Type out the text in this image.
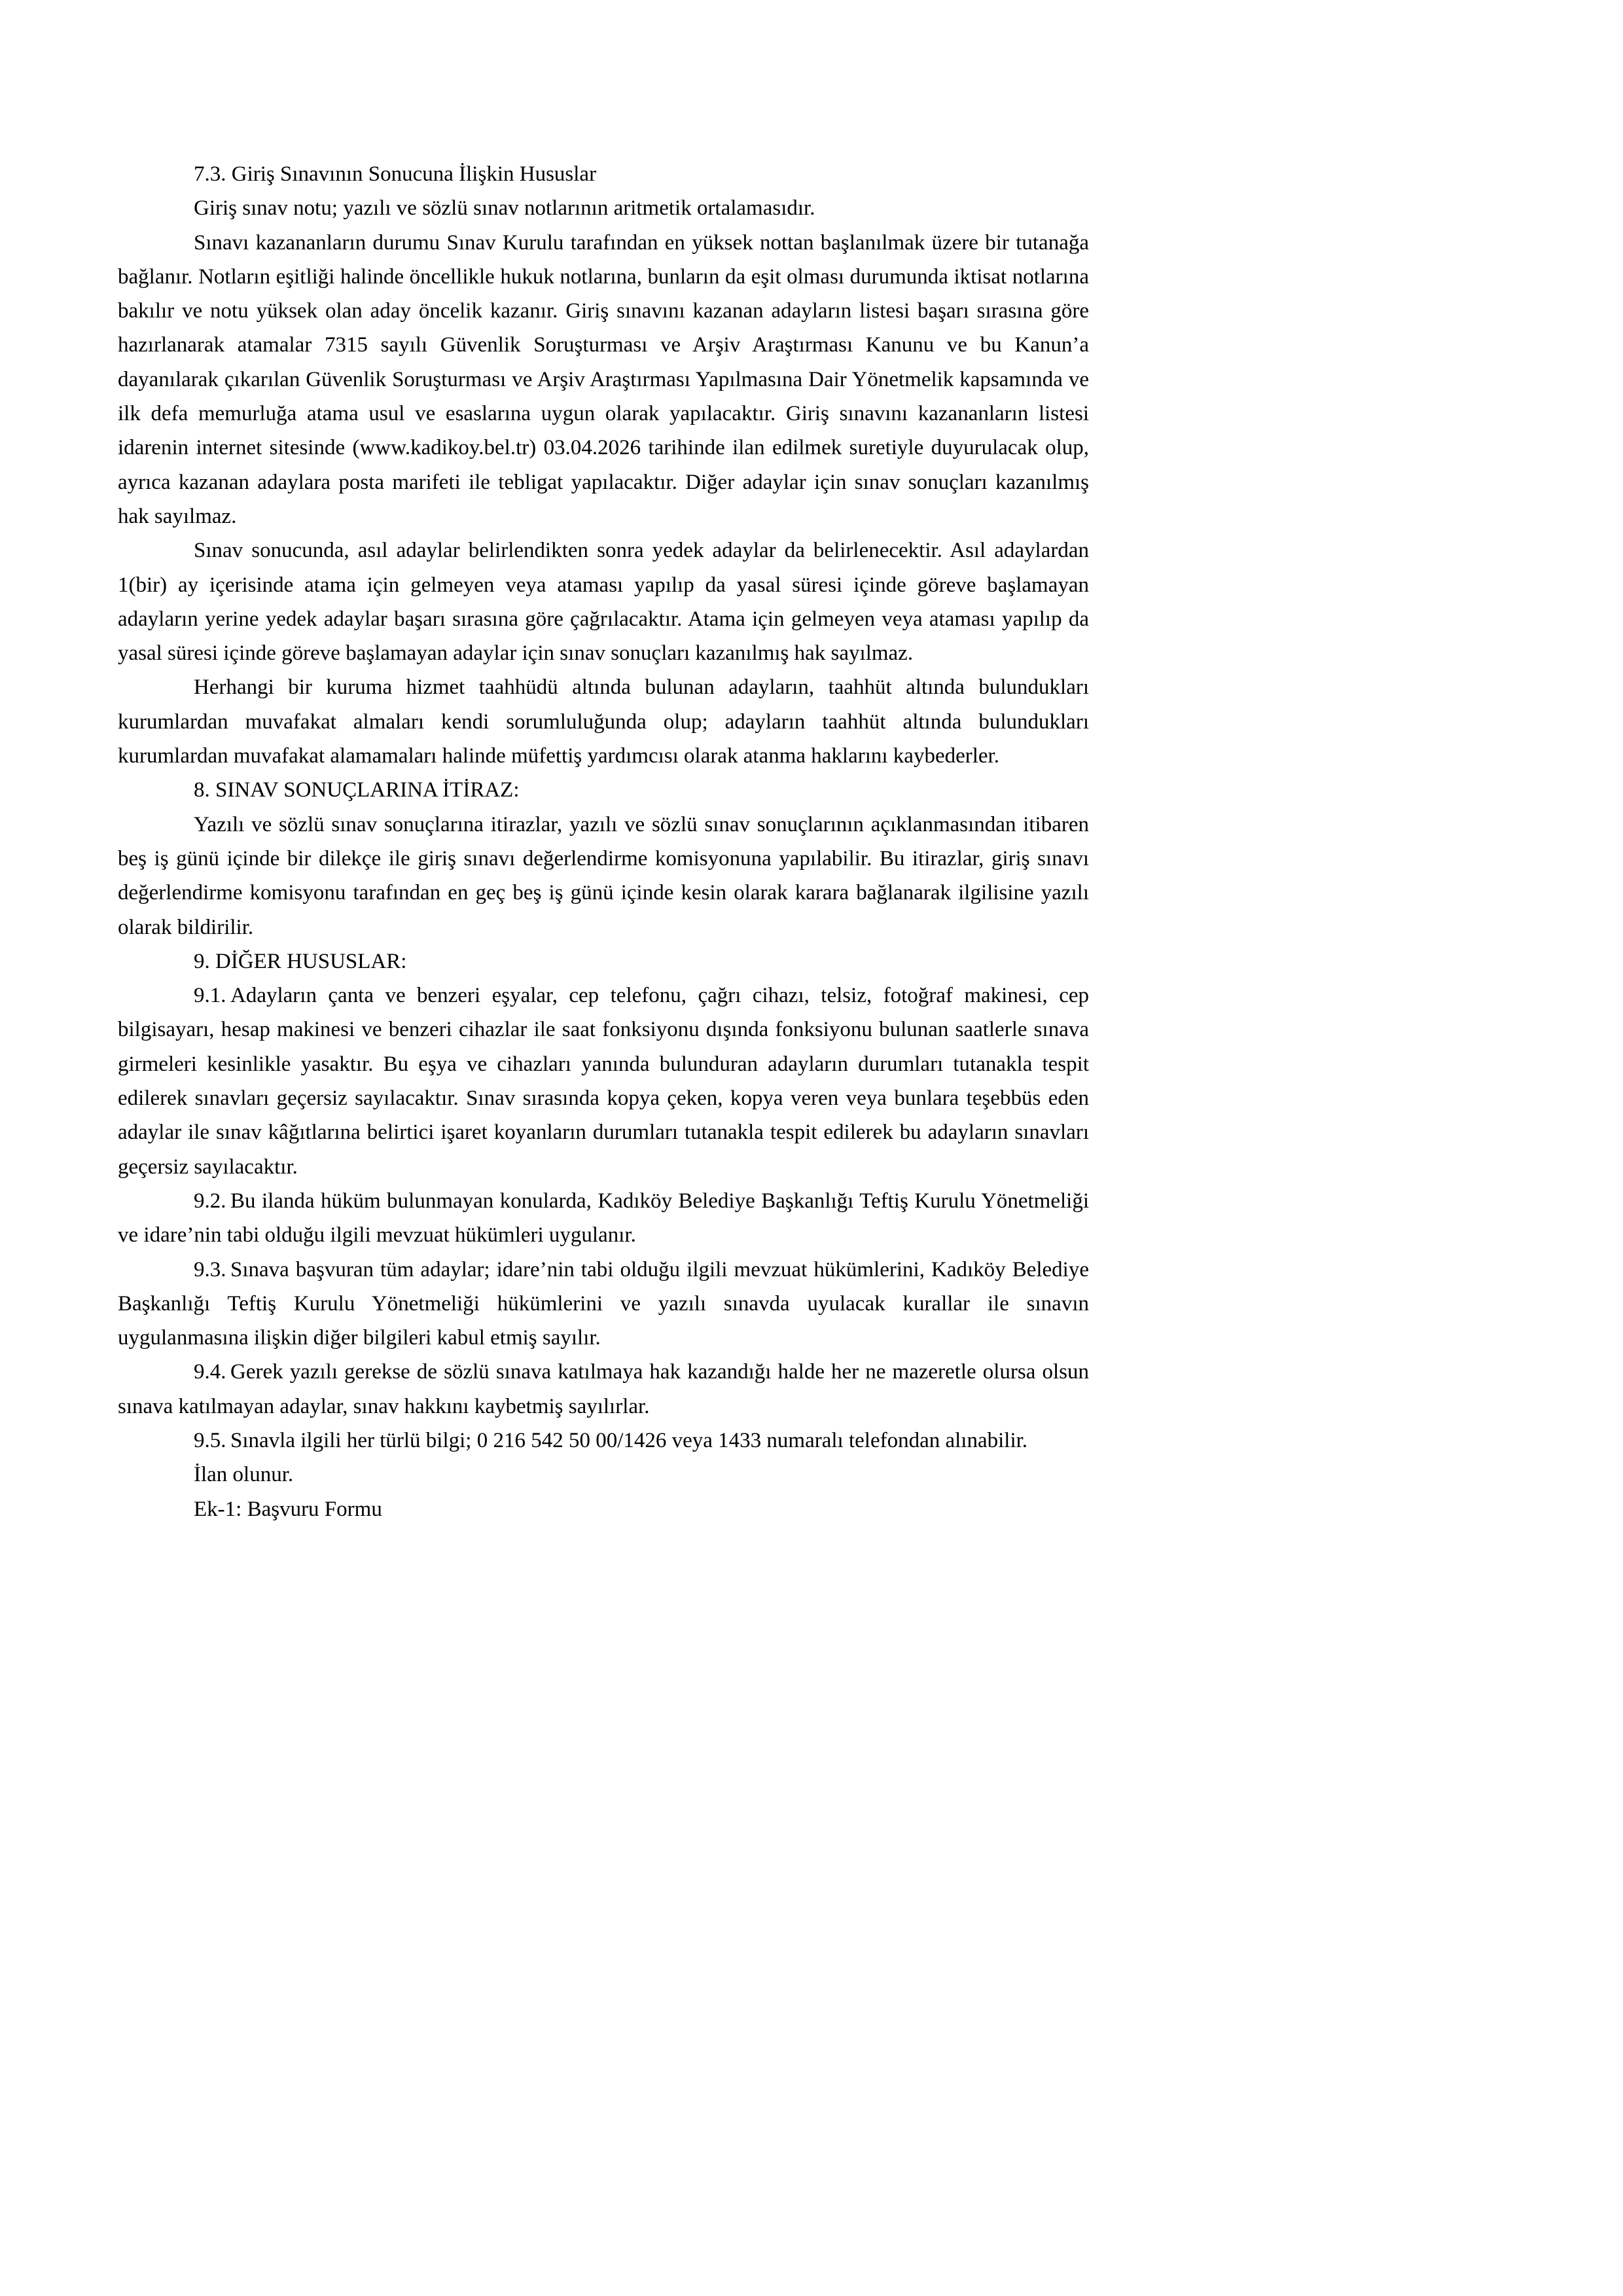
7.3. Giriş Sınavının Sonucuna İlişkin Hususlar

Giriş sınav notu; yazılı ve sözlü sınav notlarının aritmetik ortalamasıdır.

Sınavı kazananların durumu Sınav Kurulu tarafından en yüksek nottan başlanılmak üzere bir tutanağa bağlanır. Notların eşitliği halinde öncellikle hukuk notlarına, bunların da eşit olması durumunda iktisat notlarına bakılır ve notu yüksek olan aday öncelik kazanır. Giriş sınavını kazanan adayların listesi başarı sırasına göre hazırlanarak atamalar 7315 sayılı Güvenlik Soruşturması ve Arşiv Araştırması Kanunu ve bu Kanun’a dayanılarak çıkarılan Güvenlik Soruşturması ve Arşiv Araştırması Yapılmasına Dair Yönetmelik kapsamında ve ilk defa memurluğa atama usul ve esaslarına uygun olarak yapılacaktır. Giriş sınavını kazananların listesi idarenin internet sitesinde (www.kadikoy.bel.tr) 03.04.2026 tarihinde ilan edilmek suretiyle duyurulacak olup, ayrıca kazanan adaylara posta marifeti ile tebligat yapılacaktır. Diğer adaylar için sınav sonuçları kazanılmış hak sayılmaz.

Sınav sonucunda, asıl adaylar belirlendikten sonra yedek adaylar da belirlenecektir. Asıl adaylardan 1(bir) ay içerisinde atama için gelmeyen veya ataması yapılıp da yasal süresi içinde göreve başlamayan adayların yerine yedek adaylar başarı sırasına göre çağrılacaktır. Atama için gelmeyen veya ataması yapılıp da yasal süresi içinde göreve başlamayan adaylar için sınav sonuçları kazanılmış hak sayılmaz.

Herhangi bir kuruma hizmet taahhüdü altında bulunan adayların, taahhüt altında bulundukları kurumlardan muvafakat almaları kendi sorumluluğunda olup; adayların taahhüt altında bulundukları kurumlardan muvafakat alamamaları halinde müfettiş yardımcısı olarak atanma haklarını kaybederler.

8. SINAV SONUÇLARINA İTİRAZ:

Yazılı ve sözlü sınav sonuçlarına itirazlar, yazılı ve sözlü sınav sonuçlarının açıklanmasından itibaren beş iş günü içinde bir dilekçe ile giriş sınavı değerlendirme komisyonuna yapılabilir. Bu itirazlar, giriş sınavı değerlendirme komisyonu tarafından en geç beş iş günü içinde kesin olarak karara bağlanarak ilgilisine yazılı olarak bildirilir.

9. DİĞER HUSUSLAR:

9.1. Adayların çanta ve benzeri eşyalar, cep telefonu, çağrı cihazı, telsiz, fotoğraf makinesi, cep bilgisayarı, hesap makinesi ve benzeri cihazlar ile saat fonksiyonu dışında fonksiyonu bulunan saatlerle sınava girmeleri kesinlikle yasaktır. Bu eşya ve cihazları yanında bulunduran adayların durumları tutanakla tespit edilerek sınavları geçersiz sayılacaktır. Sınav sırasında kopya çeken, kopya veren veya bunlara teşebbüs eden adaylar ile sınav kâğıtlarına belirtici işaret koyanların durumları tutanakla tespit edilerek bu adayların sınavları geçersiz sayılacaktır.

9.2. Bu ilanda hüküm bulunmayan konularda, Kadıköy Belediye Başkanlığı Teftiş Kurulu Yönetmeliği ve idare’nin tabi olduğu ilgili mevzuat hükümleri uygulanır.

9.3. Sınava başvuran tüm adaylar; idare’nin tabi olduğu ilgili mevzuat hükümlerini, Kadıköy Belediye Başkanlığı Teftiş Kurulu Yönetmeliği hükümlerini ve yazılı sınavda uyulacak kurallar ile sınavın uygulanmasına ilişkin diğer bilgileri kabul etmiş sayılır.

9.4. Gerek yazılı gerekse de sözlü sınava katılmaya hak kazandığı halde her ne mazeretle olursa olsun sınava katılmayan adaylar, sınav hakkını kaybetmiş sayılırlar.

9.5. Sınavla ilgili her türlü bilgi; 0 216 542 50 00/1426 veya 1433 numaralı telefondan alınabilir.

İlan olunur.

Ek-1: Başvuru Formu
